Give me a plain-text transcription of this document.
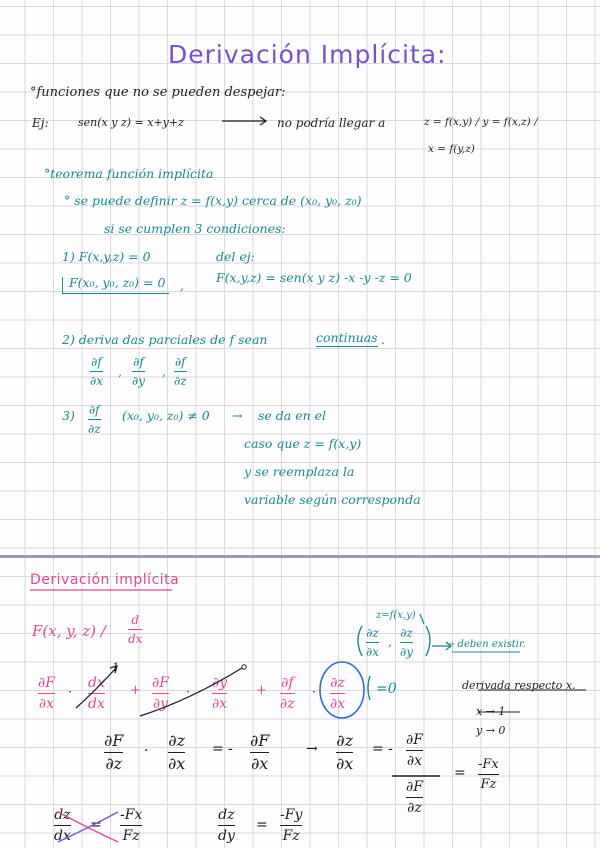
Derivación Implícita:
°funciones que no se pueden despejar:
Ej:	sen(x y z) = x+y+z	no podría llegar a	z = f(x,y) / y = f(x,z) /
x = f(y,z)
°teorema función implícita
° se puede definir z = f(x,y) cerca de (x₀, y₀, z₀)
si se cumplen 3 condiciones:
1) F(x,y,z) = 0	del ej:
F(x₀, y₀, z₀) = 0	,
F(x,y,z) = sen(x y z) -x -y -z = 0
2) deriva das parciales de f sean	continuas .
∂f
∂x
,
∂f
∂y
,
∂f
∂z
3) ∂f
∂z
(x₀, y₀, z₀) ≠ 0 → se da en el
caso que z = f(x,y)
y se reemplaza la
variable según corresponda
Derivación implícita
F(x, y, z) /
d
dx
z=f(x,y)
∂z
∂x
,
∂z
∂y
→ deben existir.
∂F
∂x
·
dx
dx
1
+ ∂F
∂y
·
∂y
∂x
+ ∂f
∂z
·
∂z
∂x
=0	derivada respecto x.
x → 1
y → 0
∂F
∂z
·
∂z
∂x
= - ∂F
∂x
→ ∂z
∂x
= -
∂F
∂x
∂F
∂z
=
-Fx
Fz
dz
dx
=
-Fx
Fz
dz
dy
=
-Fy
Fz
